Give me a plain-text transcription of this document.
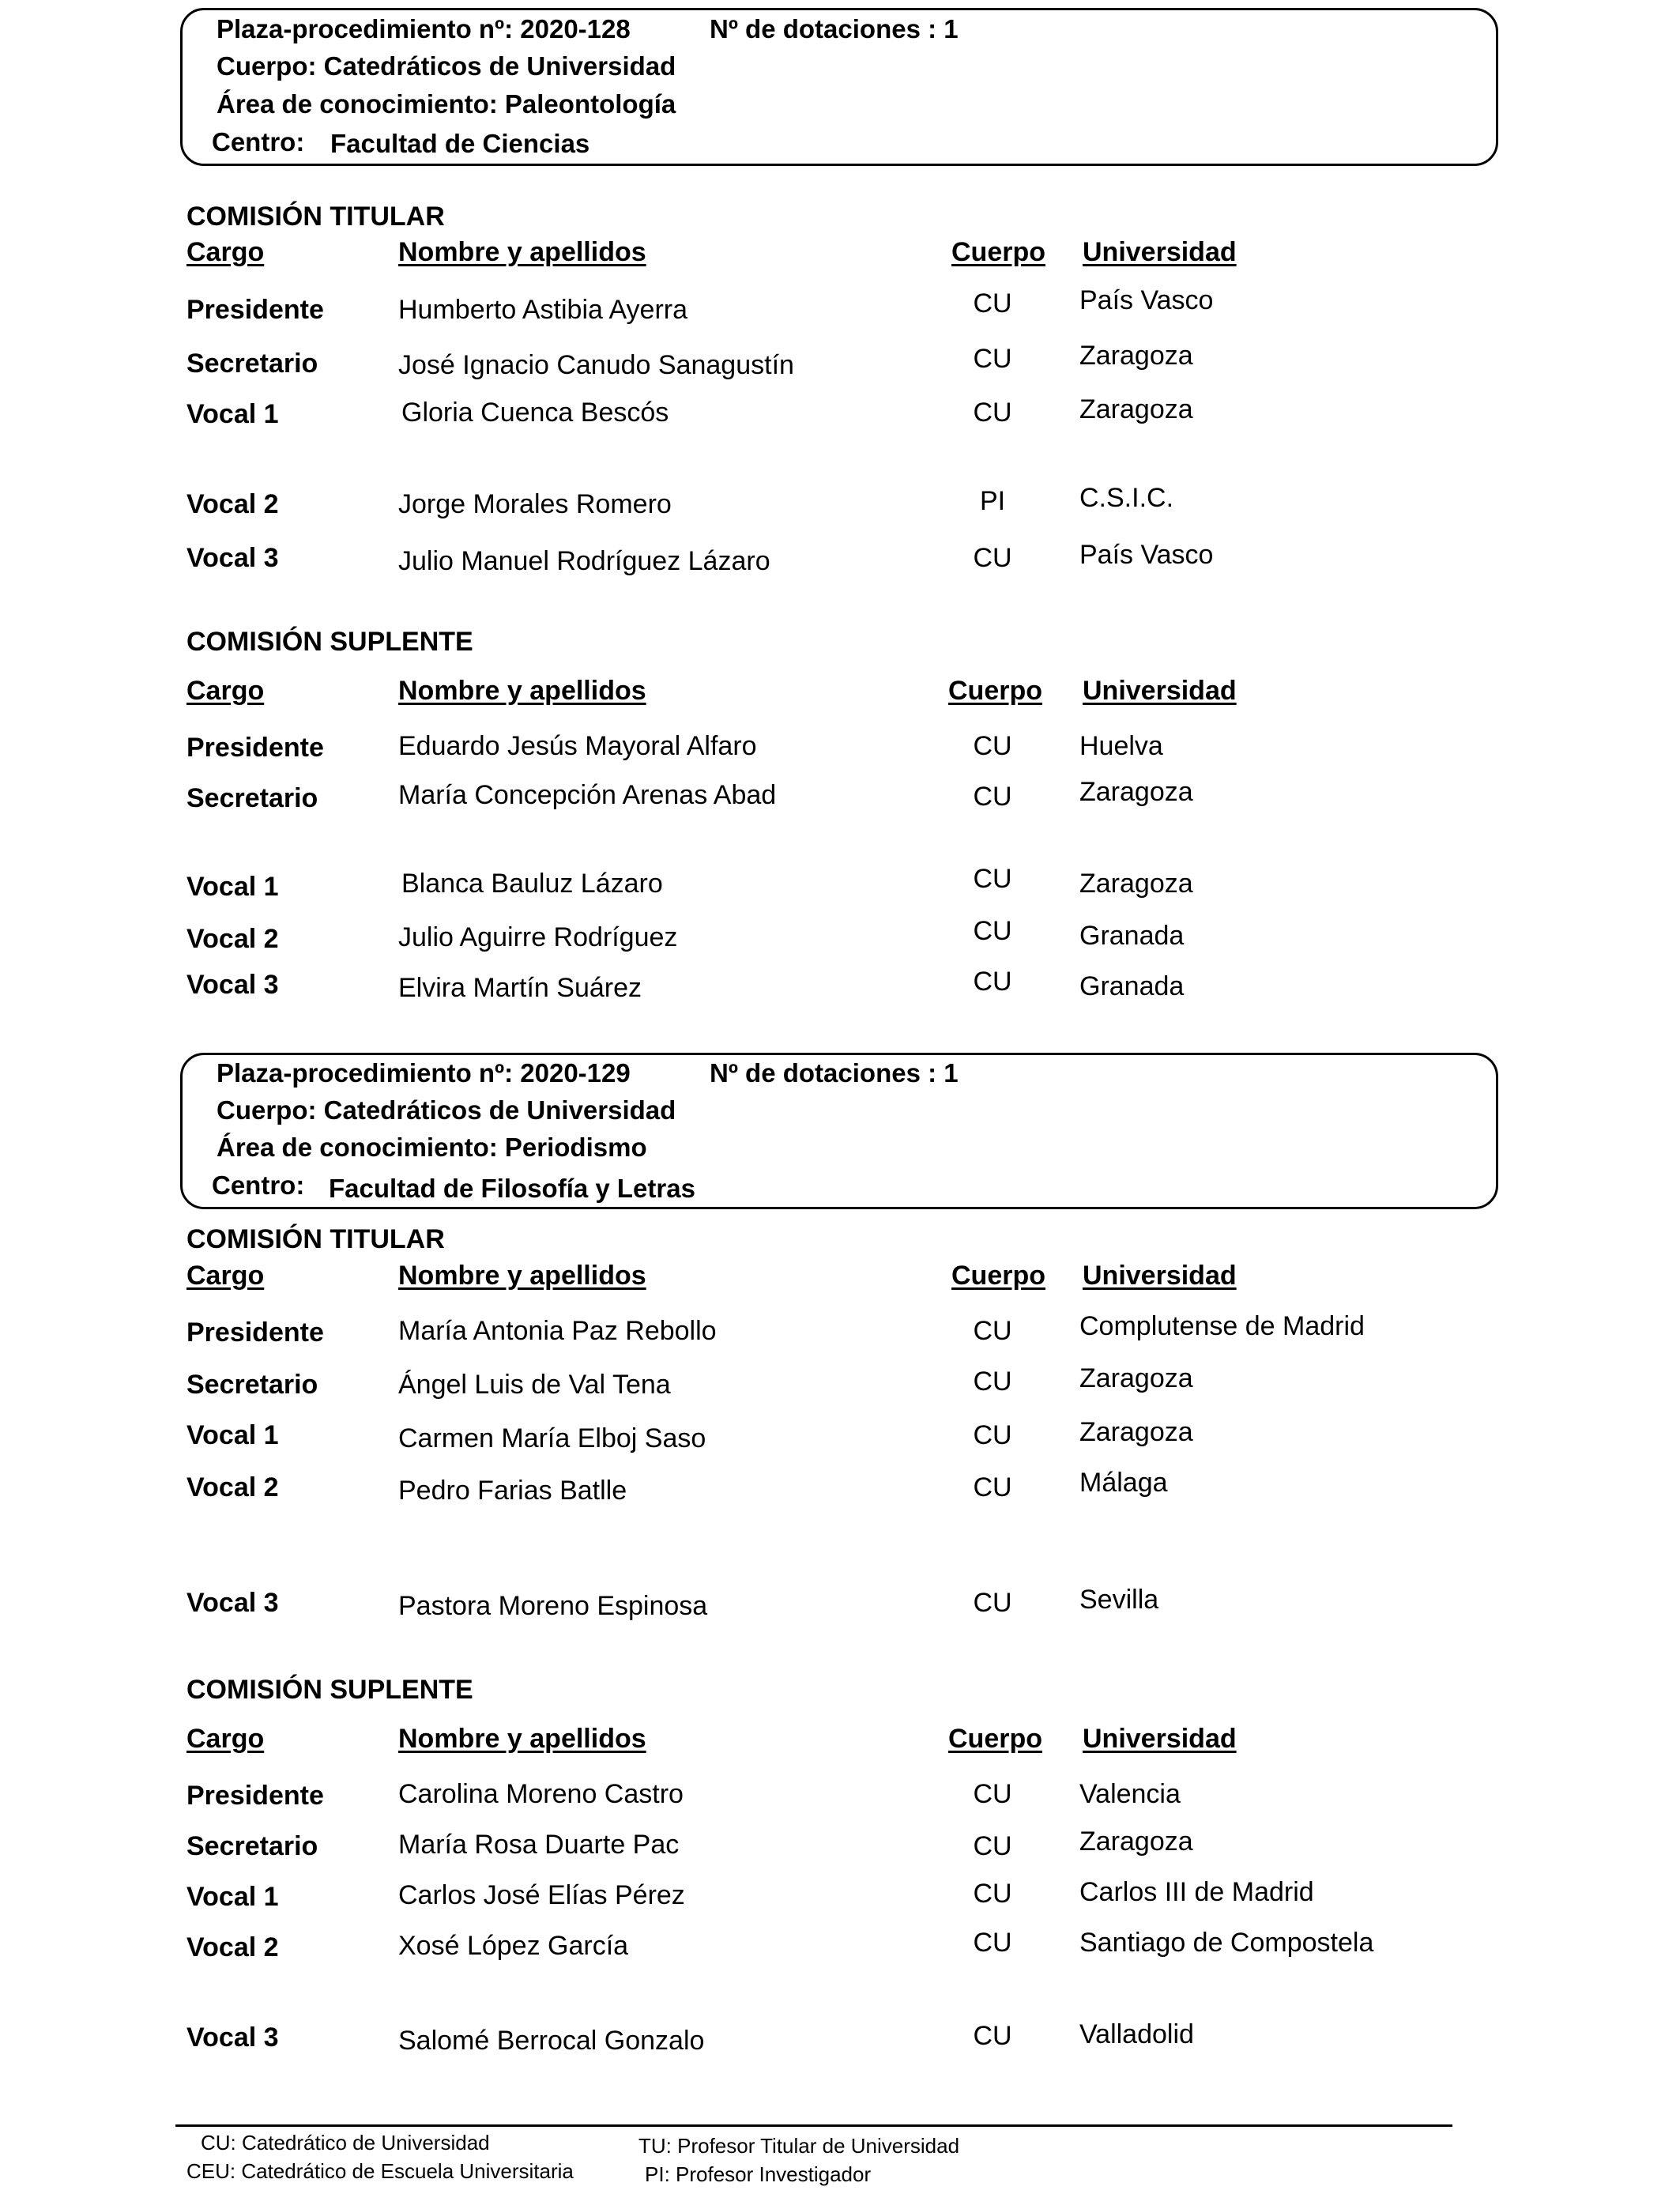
Plaza-procedimiento nº: 2020-128	Nº de dotaciones : 1
Cuerpo: Catedráticos de Universidad
Área de conocimiento: Paleontología
Centro: Facultad de Ciencias
COMISIÓN TITULAR
Cargo	Nombre y apellidos	Cuerpo Universidad
Presidente	Humberto Astibia Ayerra	CU	País Vasco
Secretario	José Ignacio Canudo Sanagustín	CU	Zaragoza
Vocal 1	Gloria Cuenca Bescós	CU	Zaragoza
Vocal 2	Jorge Morales Romero	PI	C.S.I.C.
Vocal 3	Julio Manuel Rodríguez Lázaro	CU	País Vasco
COMISIÓN SUPLENTE
Cargo	Nombre y apellidos	Cuerpo Universidad
Presidente	Eduardo Jesús Mayoral Alfaro	CU	Huelva
Secretario	María Concepción Arenas Abad	CU	Zaragoza
Vocal 1	Blanca Bauluz Lázaro	CU	Zaragoza
Vocal 2	Julio Aguirre Rodríguez	CU	Granada
Vocal 3	Elvira Martín Suárez	CU	Granada
Plaza-procedimiento nº: 2020-129	Nº de dotaciones : 1
Cuerpo: Catedráticos de Universidad
Área de conocimiento: Periodismo
Centro: Facultad de Filosofía y Letras
COMISIÓN TITULAR
Cargo	Nombre y apellidos	Cuerpo Universidad
Presidente	María Antonia Paz Rebollo	CU	Complutense de Madrid
Secretario	Ángel Luis de Val Tena	CU	Zaragoza
Vocal 1	Carmen María Elboj Saso	CU	Zaragoza
Vocal 2	Pedro Farias Batlle	CU	Málaga
Vocal 3	Pastora Moreno Espinosa	CU	Sevilla
COMISIÓN SUPLENTE
Cargo	Nombre y apellidos	Cuerpo Universidad
Presidente	Carolina Moreno Castro	CU	Valencia
Secretario	María Rosa Duarte Pac	CU	Zaragoza
Vocal 1	Carlos José Elías Pérez	CU	Carlos III de Madrid
Vocal 2	Xosé López García	CU	Santiago de Compostela
Vocal 3	Salomé Berrocal Gonzalo	CU	Valladolid
CU: Catedrático de Universidad
CEU: Catedrático de Escuela Universitaria
TU: Profesor Titular de Universidad
PI: Profesor Investigador
